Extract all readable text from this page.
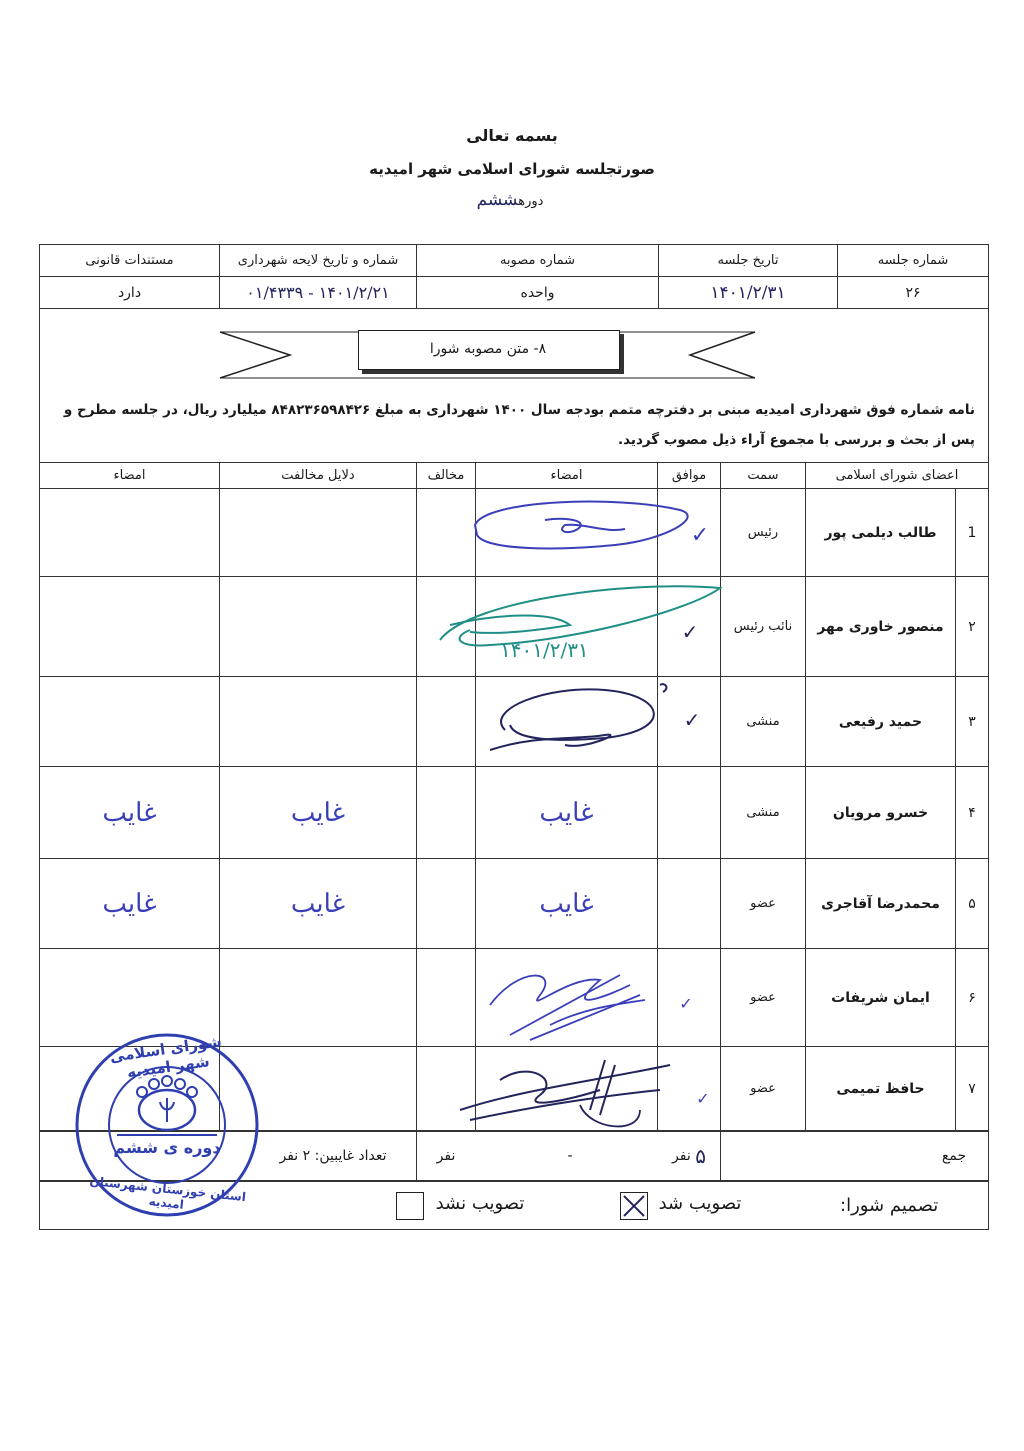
بسمه تعالی
صورتجلسه شورای اسلامی شهر امیدیه
دورهششم
شماره جلسه
تاریخ جلسه
شماره مصوبه
شماره و تاریخ لایحه شهرداری
مستندات قانونی
۲۶
۱۴۰۱/۲/۳۱
واحده
۱۴۰۱/۲/۲۱ - ۰۱/۴۳۳۹
دارد
۸- متن مصوبه شورا
نامه شماره فوق شهرداری امیدیه مبنی بر دفترچه متمم بودجه سال ۱۴۰۰ شهرداری به مبلغ ۸۴۸۲۳۶۵۹۸۴۲۶ میلیارد ریال، در جلسه مطرح و
پس از بحث و بررسی با مجموع آراء ذیل مصوب گردید.
اعضای شورای اسلامی
سمت
موافق
امضاء
مخالف
دلایل مخالفت
امضاء
1
طالب دیلمی پور
رئیس
✓
۲
منصور خاوری مهر
نائب رئیس
✓
۱۴۰۱/۲/۳۱
۳
حمید رفیعی
منشی
✓
۴
خسرو مرویان
منشی
غایب
غایب
غایب
۵
محمدرضا آقاجری
عضو
غایب
غایب
غایب
۶
ایمان شریفات
عضو
✓
۷
حافظ تمیمی
عضو
✓
جمع
۵

نفر
-
نفر
تعداد غایبین:

۲ نفر
تصمیم شورا:
تصویب شد
تصویب نشد
شورای اسلامی شهر امیدیه
دوره ی ششم
استان خوزستان شهرستان امیدیه
